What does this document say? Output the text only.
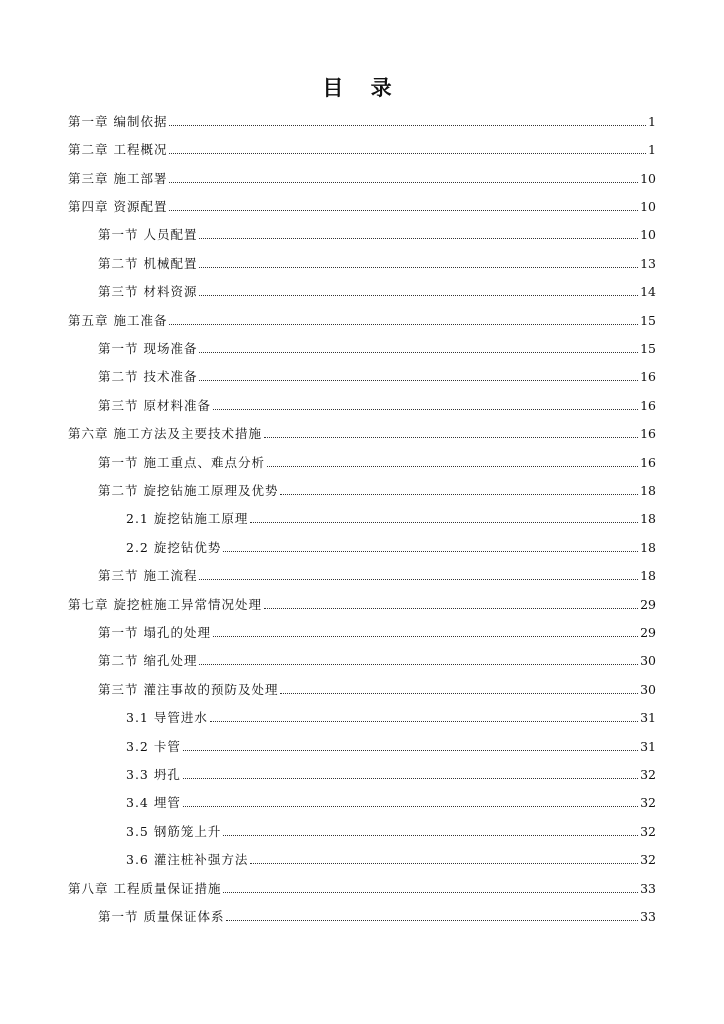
目 录
第一章 编制依据	1
第二章 工程概况	1
第三章 施工部署	10
第四章 资源配置	10
第一节 人员配置	10
第二节 机械配置	13
第三节 材料资源	14
第五章 施工准备	15
第一节 现场准备	15
第二节 技术准备	16
第三节 原材料准备	16
第六章 施工方法及主要技术措施	16
第一节 施工重点、难点分析	16
第二节 旋挖钻施工原理及优势	18
2.1 旋挖钻施工原理	18
2.2 旋挖钻优势	18
第三节 施工流程	18
第七章 旋挖桩施工异常情况处理	29
第一节 塌孔的处理	29
第二节 缩孔处理	30
第三节 灌注事故的预防及处理	30
3.1 导管进水	31
3.2 卡管	31
3.3 坍孔	32
3.4 埋管	32
3.5 钢筋笼上升	32
3.6 灌注桩补强方法	32
第八章 工程质量保证措施	33
第一节 质量保证体系	33
